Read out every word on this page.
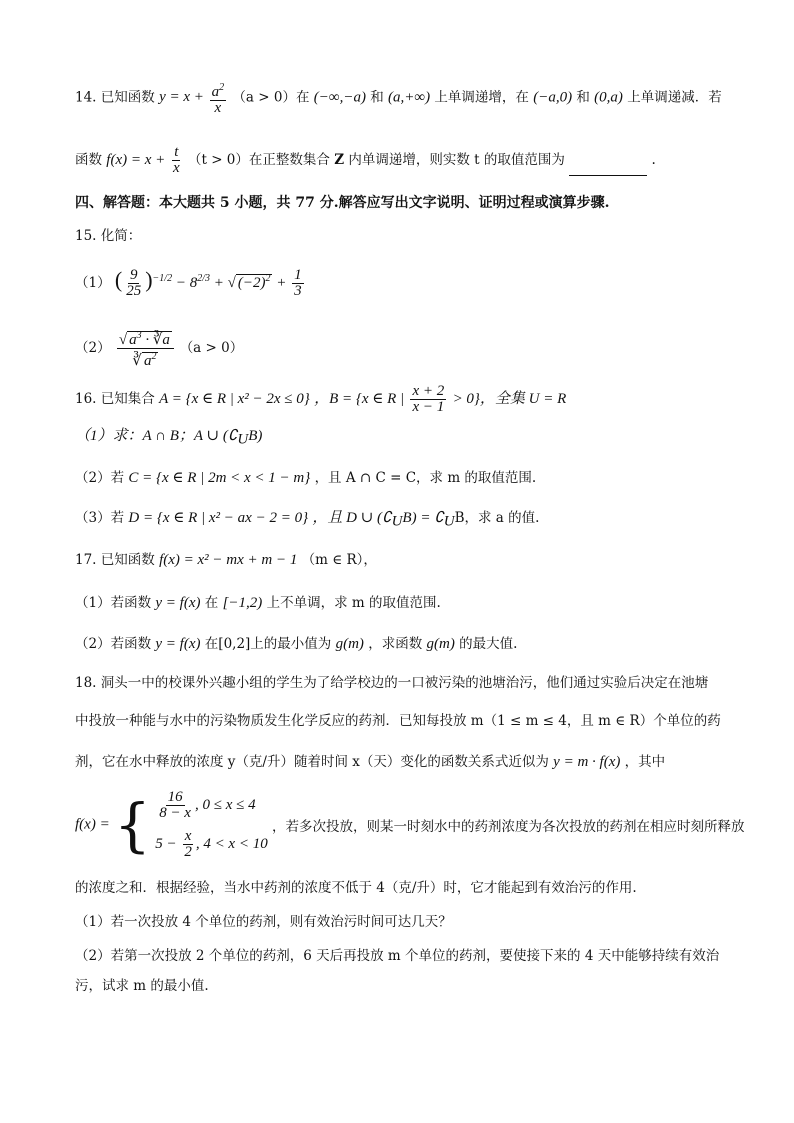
14. 已知函数 $y = x + \frac{a^2}{x} (a > 0)$在 (−∞,−a) 和 (a,+∞) 上单调递增，在 (−a,0) 和 (0,a) 上单调递减．若
函数 $f(x) = x + \frac{t}{x} (t > 0)$在正整数集合 Z 内单调递增，则实数 t 的取值范围为	.
四、解答题：本大题共 5 小题，共 77 分.解答应写出文字说明、证明过程或演算步骤.
15. 化简：
（1） ( $\frac{9}{25} )^{-1/2} - 8^{2/3}$ + √ $(-2)^2 + \frac{1}{3}$
$(2) \frac{√ a^3 \cdot ∛a}{∛ a^2} (a > 0)$
16. 已知集合 A = {x ∈ R | x² − 2x ≤ 0} ，B = {x ∈ R | $\frac{x + 2}{x - 1} > 0$}，全集 U = R
（1）求：A ∩ B；A ∪ $(∁_UB)$
（2）若 C = {x ∈ R | 2m < x < 1 − m} ，且 A ∩ C = C，求 m 的取值范围.
（3）若 D = {x ∈ R | x² − ax − 2 = 0} ，且 D ∪ $(∁_UB)$ = $∁_UB$，求 a 的值.
17. 已知函数 f(x) = x² − mx + m − 1 （m ∈ R），
（1）若函数 y = f(x) 在 [−1,2) 上不单调，求 m 的取值范围.
（2）若函数 y = f(x) 在[0,2]上的最小值为 g(m) ，求函数 g(m) 的最大值.
18. 洞头一中的校课外兴趣小组的学生为了给学校边的一口被污染的池塘治污，他们通过实验后决定在池塘
中投放一种能与水中的污染物质发生化学反应的药剂．已知每投放 m（1 ≤ m ≤ 4，且 m ∈ R）个单位的药
剂，它在水中释放的浓度 y（克/升）随着时间 x（天）变化的函数关系式近似为 y = m · f(x) ，其中
f(x) = { $\frac{16}{8 - x}$ , 0 ≤ x ≤ 4
$5 - \frac{x}{2}$ , 4 < x < 10
，若多次投放，则某一时刻水中的药剂浓度为各次投放的药剂在相应时刻所释放
的浓度之和．根据经验，当水中药剂的浓度不低于 4（克/升）时，它才能起到有效治污的作用.
（1）若一次投放 4 个单位的药剂，则有效治污时间可达几天？
（2）若第一次投放 2 个单位的药剂，6 天后再投放 m 个单位的药剂，要使接下来的 4 天中能够持续有效治
污，试求 m 的最小值.
